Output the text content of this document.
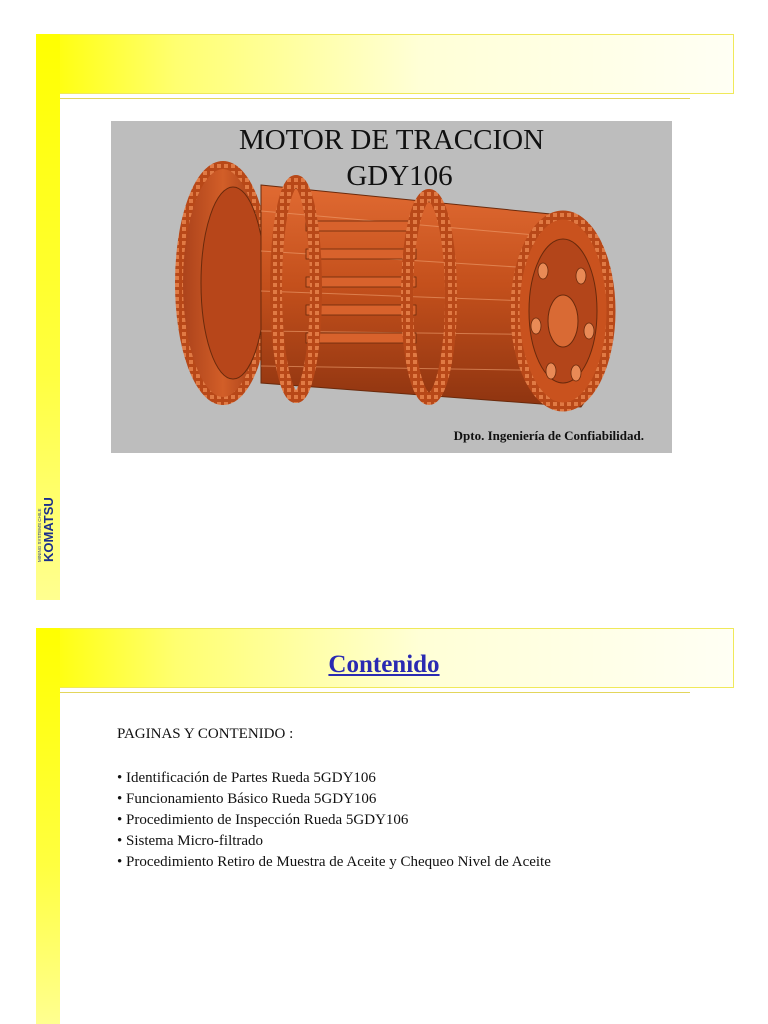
MOTOR DE TRACCION
GDY106
Dpto. Ingeniería de Confiabilidad.
KOMATSU
MINING SYSTEMS CHILE
Contenido
PAGINAS Y CONTENIDO :
• Identificación de Partes Rueda 5GDY106
• Funcionamiento Básico Rueda 5GDY106
• Procedimiento de Inspección Rueda 5GDY106
• Sistema Micro-filtrado
• Procedimiento Retiro de Muestra de Aceite y Chequeo Nivel de Aceite
